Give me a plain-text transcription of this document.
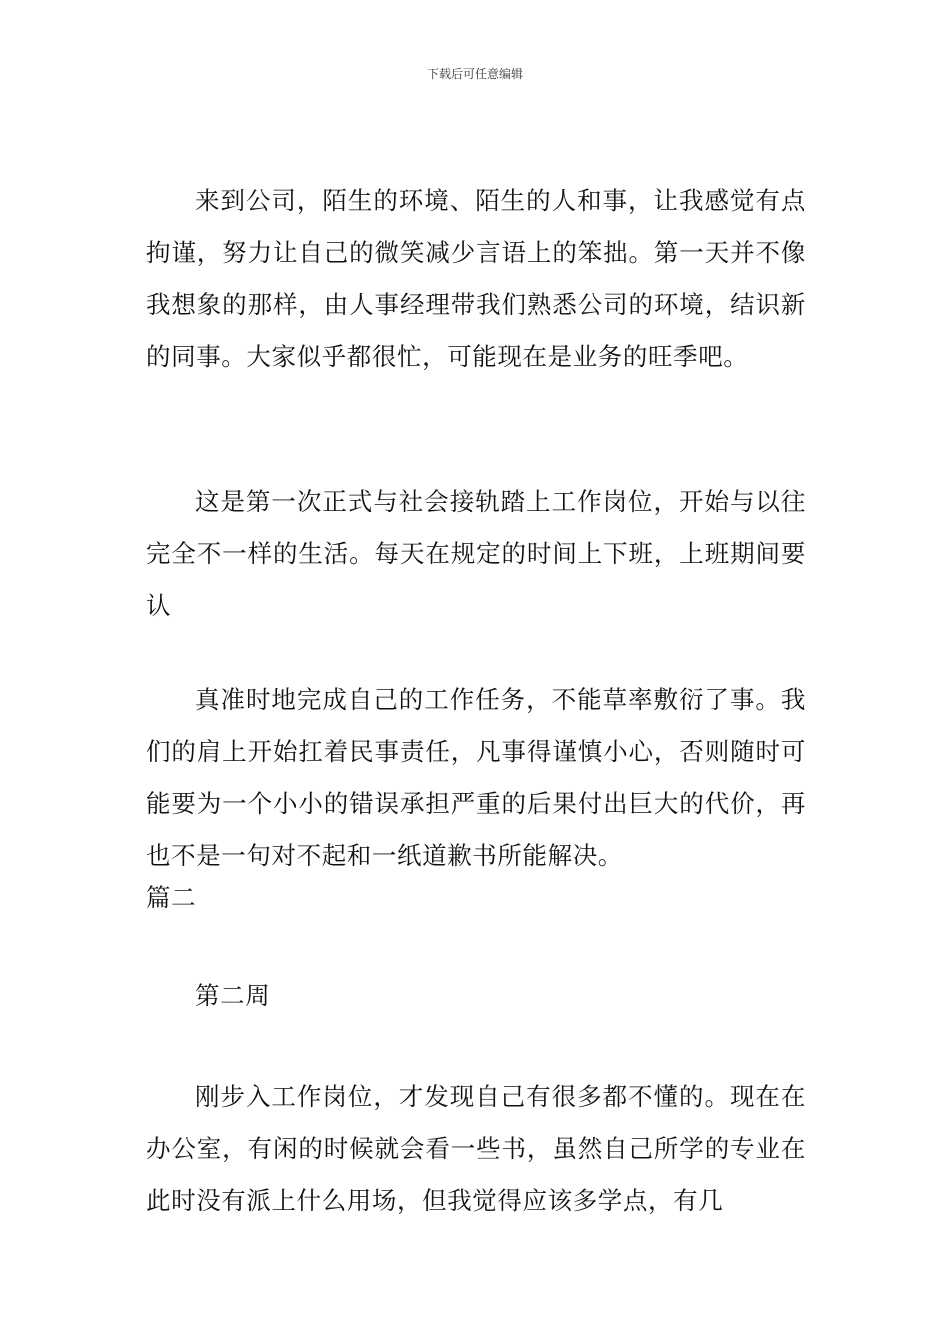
下载后可任意编辑

来到公司，陌生的环境、陌生的人和事，让我感觉有点拘谨，努力让自己的微笑减少言语上的笨拙。第一天并不像我想象的那样，由人事经理带我们熟悉公司的环境，结识新的同事。大家似乎都很忙，可能现在是业务的旺季吧。

这是第一次正式与社会接轨踏上工作岗位，开始与以往完全不一样的生活。每天在规定的时间上下班，上班期间要认

真准时地完成自己的工作任务，不能草率敷衍了事。我们的肩上开始扛着民事责任，凡事得谨慎小心，否则随时可能要为一个小小的错误承担严重的后果付出巨大的代价，再也不是一句对不起和一纸道歉书所能解决。

篇二

第二周

刚步入工作岗位，才发现自己有很多都不懂的。现在在办公室，有闲的时候就会看一些书，虽然自己所学的专业在此时没有派上什么用场，但我觉得应该多学点，有几
